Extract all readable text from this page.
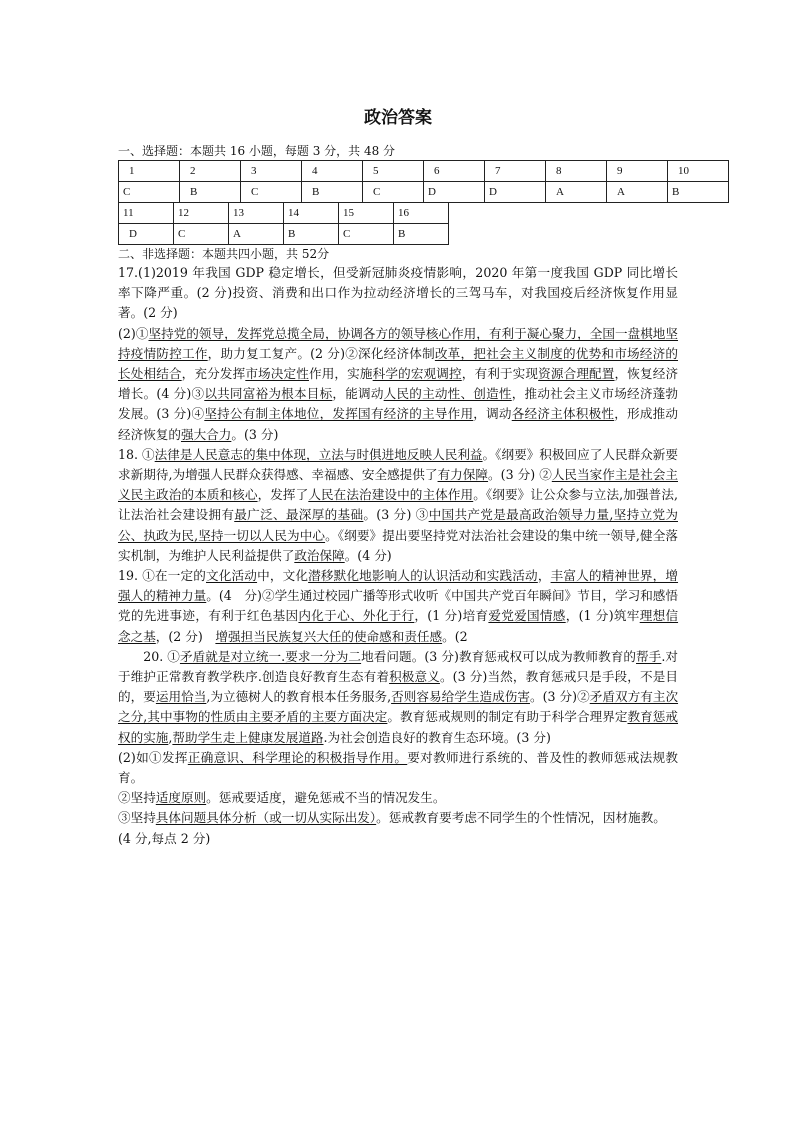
政治答案

一、选择题：本题共 16 小题，每题 3 分，共 48 分

1	2	3	4	5	6	7	8	9	10
C	B	C	B	C	D	D	A	A	B
11	12	13	14	15	16
D	C	A	B	C	B

二、非选择题：本题共四小题，共 52分

17.(1)2019 年我国 GDP 稳定增长，但受新冠肺炎疫情影响，2020 年第一度我国 GDP 同比增长率下降严重。(2 分)投资、消费和出口作为拉动经济增长的三驾马车，对我国疫后经济恢复作用显著。(2 分)

(2)①坚持党的领导，发挥党总揽全局，协调各方的领导核心作用，有利于凝心聚力，全国一盘棋地坚持疫情防控工作，助力复工复产。(2 分)②深化经济体制改革，把社会主义制度的优势和市场经济的长处相结合，充分发挥市场决定性作用，实施科学的宏观调控，有利于实现资源合理配置，恢复经济增长。(4 分)③以共同富裕为根本目标，能调动人民的主动性、创造性，推动社会主义市场经济蓬勃发展。(3 分)④坚持公有制主体地位，发挥国有经济的主导作用，调动各经济主体积极性，形成推动经济恢复的强大合力。(3 分)

18. ①法律是人民意志的集中体现，立法与时俱进地反映人民利益。《纲要》积极回应了人民群众新要求新期待,为增强人民群众获得感、幸福感、安全感提供了有力保障。(3 分) ②人民当家作主是社会主义民主政治的本质和核心，发挥了人民在法治建设中的主体作用。《纲要》让公众参与立法,加强普法,让法治社会建设拥有最广泛、最深厚的基础。(3 分) ③中国共产党是最高政治领导力量,坚持立党为公、执政为民,坚持一切以人民为中心。《纲要》提出要坚持党对法治社会建设的集中统一领导,健全落实机制，为维护人民利益提供了政治保障。(4 分)

19. ①在一定的文化活动中，文化潜移默化地影响人的认识活动和实践活动，丰富人的精神世界，增强人的精神力量。(4　分)②学生通过校园广播等形式收听《中国共产党百年瞬间》节目，学习和感悟党的先进事迹，有利于红色基因内化于心、外化于行，(1 分)培育爱党爱国情感，(1 分)筑牢理想信念之基，(2 分)　增强担当民族复兴大任的使命感和责任感。(2

20. ①矛盾就是对立统一.要求一分为二地看问题。(3 分)教育惩戒权可以成为教师教育的帮手.对于维护正常教育教学秩序.创造良好教育生态有着积极意义。(3 分)当然，教育惩戒只是手段，不是目的，要运用恰当,为立德树人的教育根本任务服务,否则容易给学生造成伤害。(3 分)②矛盾双方有主次之分,其中事物的性质由主要矛盾的主要方面决定。教育惩戒规则的制定有助于科学合理界定教育惩戒权的实施,帮助学生走上健康发展道路.为社会创造良好的教育生态环境。(3 分)

(2)如①发挥正确意识、科学理论的积极指导作用。要对教师进行系统的、普及性的教师惩戒法规教育。

②坚持适度原则。惩戒要适度，避免惩戒不当的情况发生。

③坚持具体问题具体分析（或一切从实际出发）。惩戒教育要考虑不同学生的个性情况，因材施教。

(4 分,每点 2 分)
